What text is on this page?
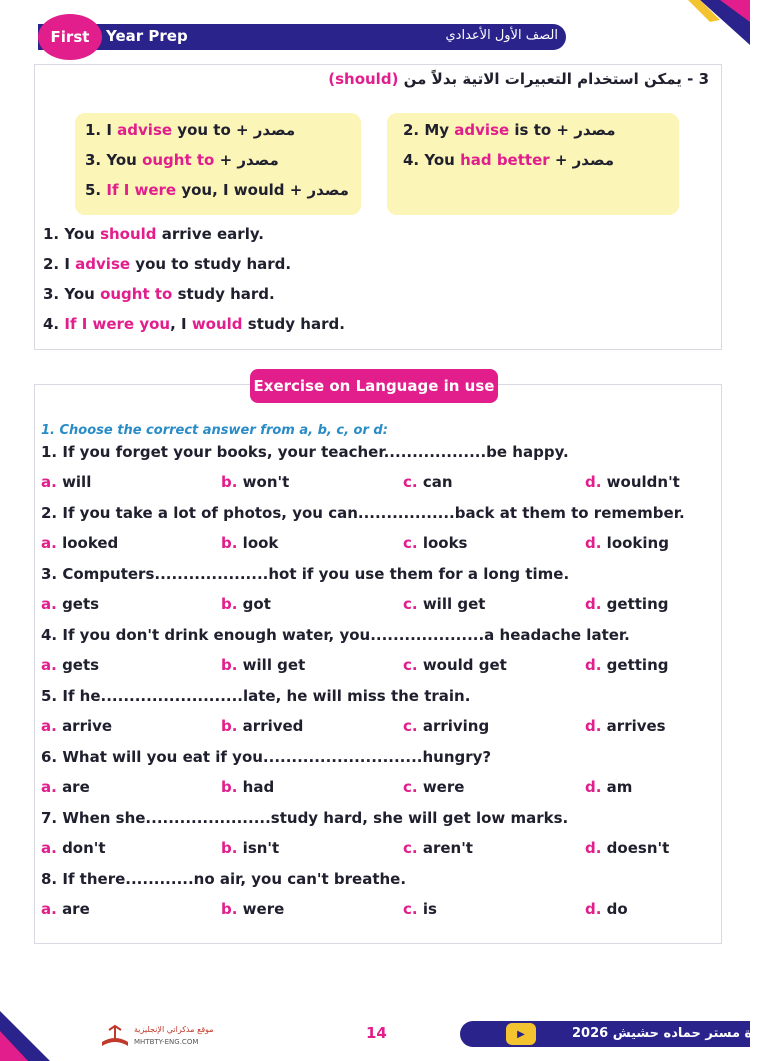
First	Year Prep	الصف الأول الأعدادي
3 - يمكن استخدام التعبيرات الاتية بدلاً من (should)
1. I advise you to + مصدر
3. You ought to + مصدر
5. If I were you, I would + مصدر
2. My advise is to + مصدر
4. You had better + مصدر
1. You should arrive early.
2. I advise you to study hard.
3. You ought to study hard.
4. If I were you, I would study hard.
Exercise on Language in use
1. Choose the correct answer from a, b, c, or d:
1. If you forget your books, your teacher..................be happy.
a. will	b. won't	c. can	d. wouldn't
2. If you take a lot of photos, you can.................back at them to remember.
a. looked	b. look	c. looks	d. looking
3. Computers....................hot if you use them for a long time.
a. gets	b. got	c. will get	d. getting
4. If you don't drink enough water, you....................a headache later.
a. gets	b. will get	c. would get	d. getting
5. If he.........................late, he will miss the train.
a. arrive	b. arrived	c. arriving	d. arrives
6. What will you eat if you............................hungry?
a. are	b. had	c. were	d. am
7. When she......................study hard, she will get low marks.
a. don't	b. isn't	c. aren't	d. doesn't
8. If there............no air, you can't breathe.
a. are	b. were	c. is	d. do
▶	قناة مستر حماده حشيش 2026
14
موقع مذكراتي الإنجليزية
MHTBTY-ENG.COM
